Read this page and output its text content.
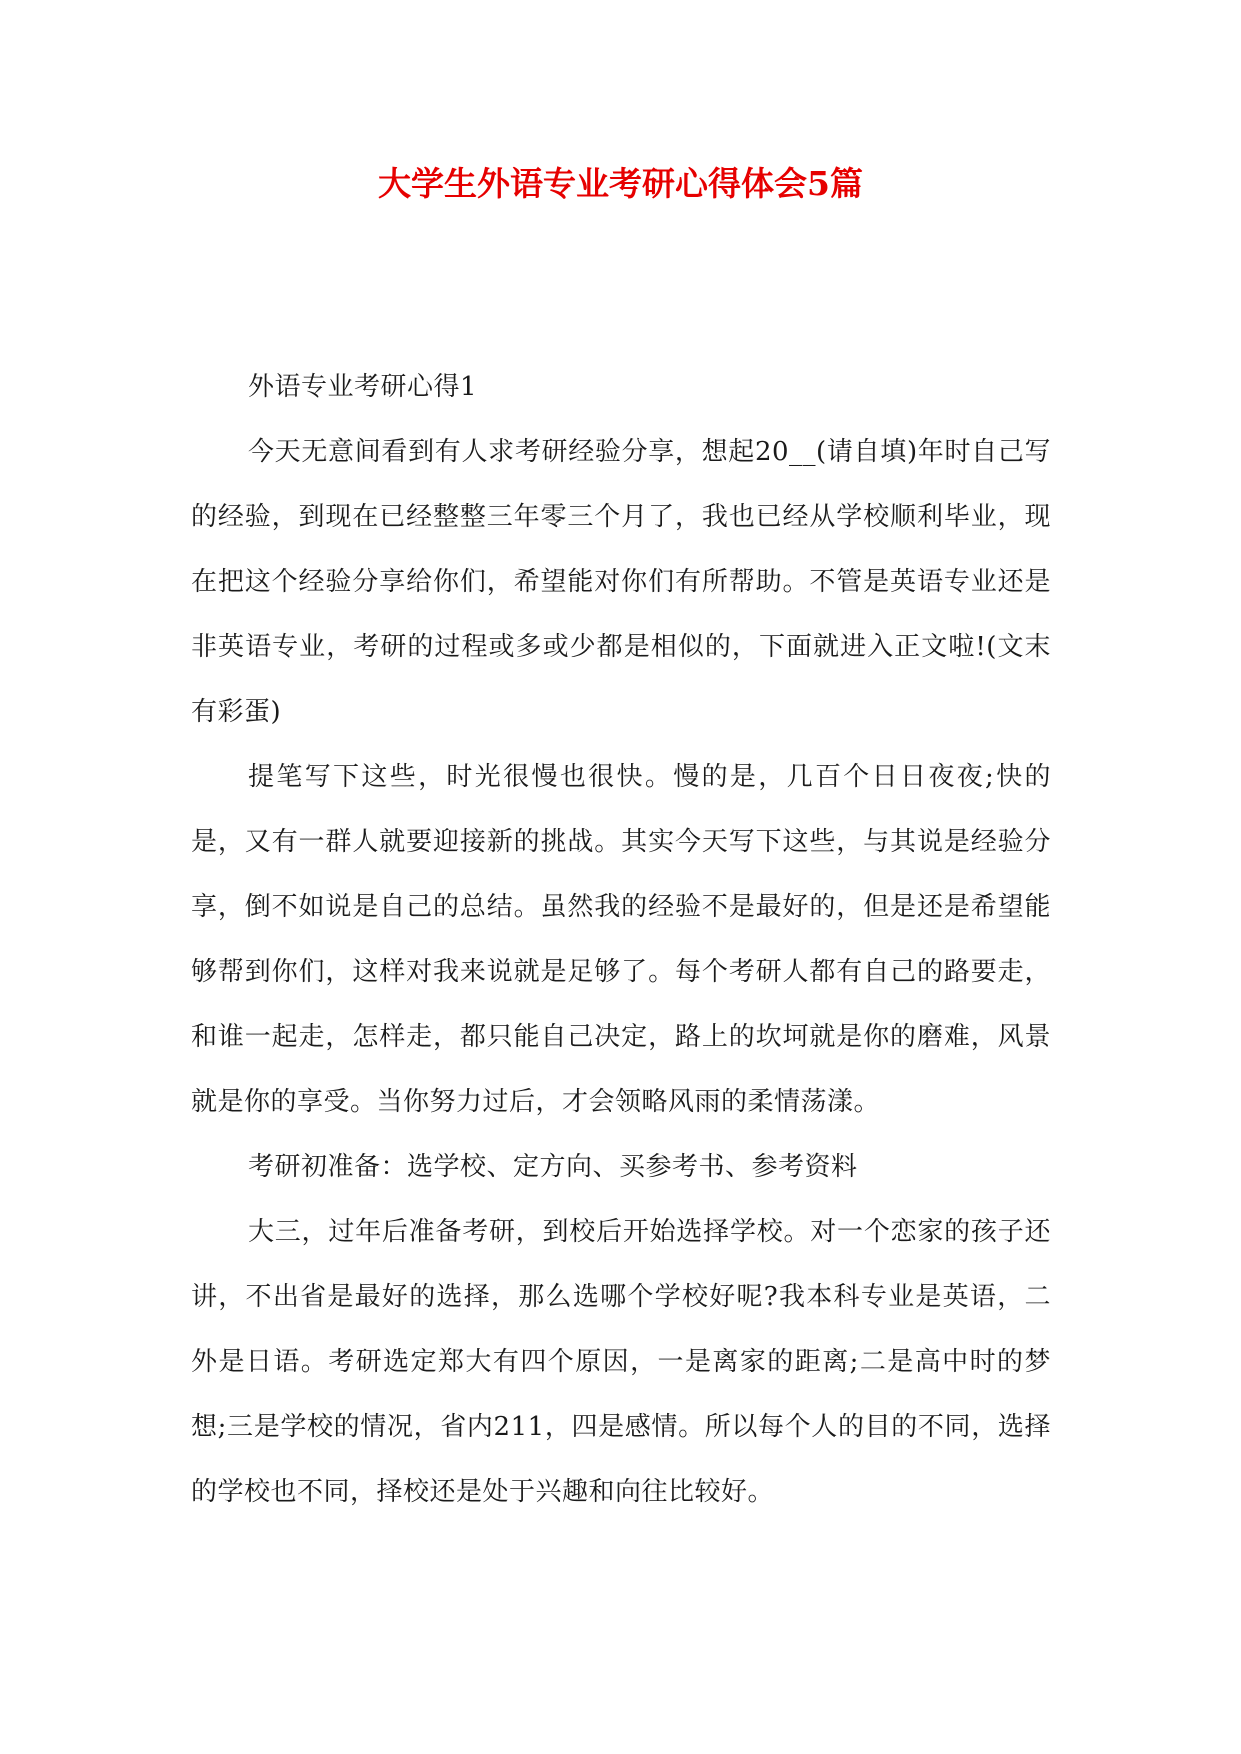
大学生外语专业考研心得体会5篇

外语专业考研心得1

今天无意间看到有人求考研经验分享，想起20__(请自填)年时自己写的经验，到现在已经整整三年零三个月了，我也已经从学校顺利毕业，现在把这个经验分享给你们，希望能对你们有所帮助。不管是英语专业还是非英语专业，考研的过程或多或少都是相似的，下面就进入正文啦!(文末有彩蛋)

提笔写下这些，时光很慢也很快。慢的是，几百个日日夜夜;快的是，又有一群人就要迎接新的挑战。其实今天写下这些，与其说是经验分享，倒不如说是自己的总结。虽然我的经验不是最好的，但是还是希望能够帮到你们，这样对我来说就是足够了。每个考研人都有自己的路要走，和谁一起走，怎样走，都只能自己决定，路上的坎坷就是你的磨难，风景就是你的享受。当你努力过后，才会领略风雨的柔情荡漾。

考研初准备：选学校、定方向、买参考书、参考资料

大三，过年后准备考研，到校后开始选择学校。对一个恋家的孩子还讲，不出省是最好的选择，那么选哪个学校好呢?我本科专业是英语，二外是日语。考研选定郑大有四个原因，一是离家的距离;二是高中时的梦想;三是学校的情况，省内211，四是感情。所以每个人的目的不同，选择的学校也不同，择校还是处于兴趣和向往比较好。
